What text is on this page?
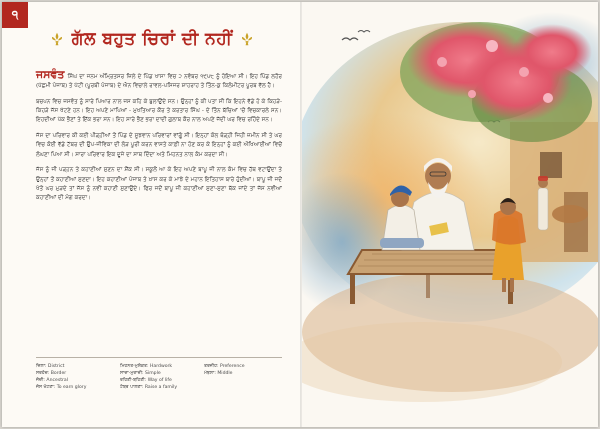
੧
ਗੱਲ ਬਹੁਤ ਚਿਰਾਂ ਦੀ ਨਹੀਂ

ਜਸਵੰਤ ਸਿੰਘ ਦਾ ਜਨਮ ਅੰਮ੍ਰਿਤਸਰ ਜ਼ਿਲੇ ਦੇ ਪਿੰਡ ਖਾਸਾ ਵਿਚ ੨ ਨਵੰਬਰ ੧੯੫੮ ਨੂੰ ਹੋਇਆ ਸੀ। ਇਹ ਪਿੰਡ ਲਹੌਰ (ਪੱਛਮੀ ਪੰਜਾਬ) ਤੇ ਪੱਟੀ (ਪੂਰਬੀ ਪੰਜਾਬ) ਦੇ ਐਨ ਵਿਚਾਲੇ ਰਾਵਲ-ਪਸਿਜਰ ਸ਼ਾਹਰਾਹ ਤੇ ਤਿੰਨ-ਕੁ ਕਿਲੋਮੀਟਰ ਪੂਰਬ ਵੱਲ ਹੈ।

ਬਚਪਨ ਵਿਚ ਜਸਵੰਤ ਨੂੰ ਸਾਰੇ ਪਿਆਰ ਨਾਲ ਜਸ ਕਹਿ ਕੇ ਬੁਲਾਉਂਦੇ ਸਨ। ਉਨ੍ਹਾਂ ਨੂੰ ਕੀ ਪਤਾ ਸੀ ਕਿ ਇਹਨੇ ਵੱਡੇ ਹੋ ਕੇ ਕਿਹੜੇ-ਕਿਹੜੇ ਜੱਸ ਖੱਟਣੇ ਹਨ। ਇਹ ਅਪਣੇ ਮਾਪਿਆਂ - ਮੁਖਤਿਆਰ ਕੌਰ ਤੇ ਕਰਤਾਰ ਸਿੰਘ - ਦੇ ਤਿੰਨ ਬੱਚਿਆਂ 'ਚੋਂ ਵਿਚਕਾਰਲੇ ਸਨ। ਇਹਦੀਆਂ ਪੱਕ ਭੈਣਾਂ ਤੇ ਇੱਕ ਭਰਾ ਸਨ। ਇਹ ਸਾਰੇ ਭੈਣ ਭਰਾ ਦਾਦੀ ਗੁਲਾਬ ਕੌਰ ਨਾਲ ਅਪਣੇ ਜੱਦੀ ਘਰ ਵਿਚ ਰਹਿੰਦੇ ਸਨ।

ਜੱਸ ਦਾ ਪਰਿਵਾਰ ਕੀ ਕਈ ਪੀੜ੍ਹੀਆਂ ਤੋਂ ਪਿੰਡ ਦੇ ਸੂਝਵਾਨ ਪਰਿਵਾਰਾਂ ਵਾਂਗੂੰ ਸੀ। ਇਨ੍ਹਾਂ ਕੋਲ ਥੋੜ੍ਹੀ ਜਿਹੀ ਜ਼ਮੀਨ ਸੀ ਤੇ ਘਰ ਵਿਚ ਕੋਈ ਵੱਡੇ ਟੱਬਰ ਦੀ ਉਪ-ਜੀਵਿਕਾ ਦੀ ਲੋੜ ਪੂਰੀ ਕਰਨ ਵਾਸਤੇ ਕਾਫ਼ੀ ਨਾ ਹੋਣ ਕਰ ਕੇ ਇਨ੍ਹਾਂ ਨੂੰ ਕਈ ਔਖਿਆਈਆਂ ਵਿਚੋਂ ਲੰਘਣਾ ਪਿਆ ਸੀ। ਸਾਰਾ ਪਰਿਵਾਰ ਇਕ ਦੂਜੇ ਦਾ ਸਾਥ ਦਿੰਦਾ ਅਤੇ ਮਿਹਨਤ ਨਾਲ ਕੰਮ ਕਰਦਾ ਸੀ।

ਜੱਸ ਨੂੰ ਜੀ ਪੜ੍ਹਨ ਤੇ ਕਹਾਣੀਆਂ ਸੁਣਨ ਦਾ ਸ਼ੌਂਕ ਸੀ। ਸਕੂਲੋਂ ਆ ਕੇ ਇਹ ਅਪਣੇ ਬਾਪੂ ਜੀ ਨਾਲ ਕੰਮ ਵਿਚ ਹੱਥ ਵਟਾਉਂਦਾ ਤੇ ਉਨ੍ਹਾਂ ਤੋਂ ਕਹਾਣੀਆਂ ਸੁਣਦਾ। ਇਹ ਕਹਾਣੀਆਂ ਪੰਜਾਬ ਤੇ ਖ਼ਾਸ ਕਰ ਕੇ ਮਾਝੇ ਦੇ ਮਹਾਨ ਇਤਿਹਾਸ ਬਾਰੇ ਹੁੰਦੀਆਂ। ਬਾਪੂ ਜੀ ਜਦੋਂ ਖੇਤੋਂ ਘਰ ਮੁੜਦੇ ਤਾਂ ਜੱਸ ਨੂੰ ਨਵੀਂ ਕਹਾਣੀ ਸੁਣਾਉਂਦੇ। ਫਿਰ ਜਦੋਂ ਬਾਪੂ ਜੀ ਕਹਾਣੀਆਂ ਸੁਣਾ-ਸੁਣਾ ਥੱਕ ਜਾਂਦੇ ਤਾਂ ਜੱਸ ਨਵੀਆਂ ਕਹਾਣੀਆਂ ਦੀ ਮੰਗ ਕਰਦਾ।

ਜ਼ਿਲਾ: District	ਮਿਹਨਤ-ਮੁਸ਼ੱਕਤ: Hardwork	ਤਰਜੀਹ: Preference
ਸਰਹੱਦ: Border	ਸਾਦਾ-ਮੁਰਾਦੀ: Simple	ਮੰਝਲਾ: Middle
ਜੱਦੀ: Ancestral	ਰਹਿਣੀ-ਬਹਿਣੀ: Way of life
ਜੱਸ ਖੱਟਣਾ: To earn glory	ਟੱਬਰ ਪਾਲਣਾ: Raise a family
